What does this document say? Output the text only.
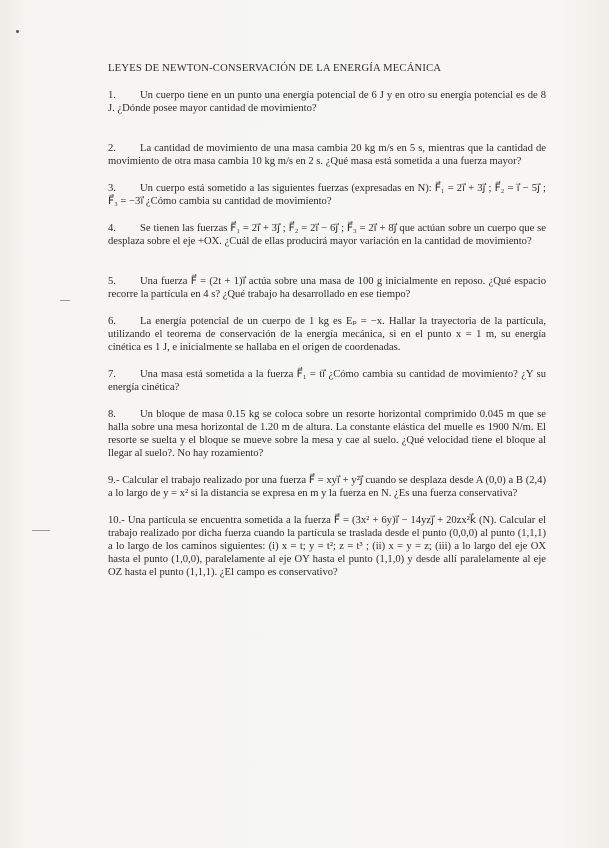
LEYES DE NEWTON-CONSERVACIÓN DE LA ENERGÍA MECÁNICA

1. Un cuerpo tiene en un punto una energía potencial de 6 J y en otro su energía potencial es de 8 J. ¿Dónde posee mayor cantidad de movimiento?

2. La cantidad de movimiento de una masa cambia 20 kg m/s en 5 s, mientras que la cantidad de movimiento de otra masa cambia 10 kg m/s en 2 s. ¿Qué masa está sometida a una fuerza mayor?

3. Un cuerpo está sometido a las siguientes fuerzas (expresadas en N): F⃗₁ = 2i⃗ + 3j⃗ ; F⃗₂ = i⃗ − 5j⃗ ; F⃗₃ = −3i⃗ ¿Cómo cambia su cantidad de movimiento?

4. Se tienen las fuerzas F⃗₁ = 2i⃗ + 3j⃗ ; F⃗₂ = 2i⃗ − 6j⃗ ; F⃗₃ = 2i⃗ + 8j⃗ que actúan sobre un cuerpo que se desplaza sobre el eje +OX. ¿Cuál de ellas producirá mayor variación en la cantidad de movimiento?

5. Una fuerza F⃗ = (2t + 1)i⃗ actúa sobre una masa de 100 g inicialmente en reposo. ¿Qué espacio recorre la partícula en 4 s? ¿Qué trabajo ha desarrollado en ese tiempo?

6. La energía potencial de un cuerpo de 1 kg es Eₚ = −x. Hallar la trayectoria de la partícula, utilizando el teorema de conservación de la energía mecánica, si en el punto x = 1 m, su energía cinética es 1 J, e inicialmente se hallaba en el origen de coordenadas.

7. Una masa está sometida a la fuerza F⃗₁ = ti⃗ ¿Cómo cambia su cantidad de movimiento? ¿Y su energía cinética?

8. Un bloque de masa 0.15 kg se coloca sobre un resorte horizontal comprimido 0.045 m que se halla sobre una mesa horizontal de 1.20 m de altura. La constante elástica del muelle es 1900 N/m. El resorte se suelta y el bloque se mueve sobre la mesa y cae al suelo. ¿Qué velocidad tiene el bloque al llegar al suelo?. No hay rozamiento?

9.- Calcular el trabajo realizado por una fuerza F⃗ = xyi⃗ + y²j⃗ cuando se desplaza desde A (0,0) a B (2,4) a lo largo de y = x² si la distancia se expresa en m y la fuerza en N. ¿Es una fuerza conservativa?

10.- Una partícula se encuentra sometida a la fuerza F⃗ = (3x² + 6y)i⃗ − 14yzj⃗ + 20zx²k⃗ (N). Calcular el trabajo realizado por dicha fuerza cuando la partícula se traslada desde el punto (0,0,0) al punto (1,1,1) a lo largo de los caminos siguientes: (i) x = t; y = t²; z = t³ ; (ii) x = y = z; (iii) a lo largo del eje OX hasta el punto (1,0,0), paralelamente al eje OY hasta el punto (1,1,0) y desde allí paralelamente al eje OZ hasta el punto (1,1,1). ¿El campo es conservativo?
